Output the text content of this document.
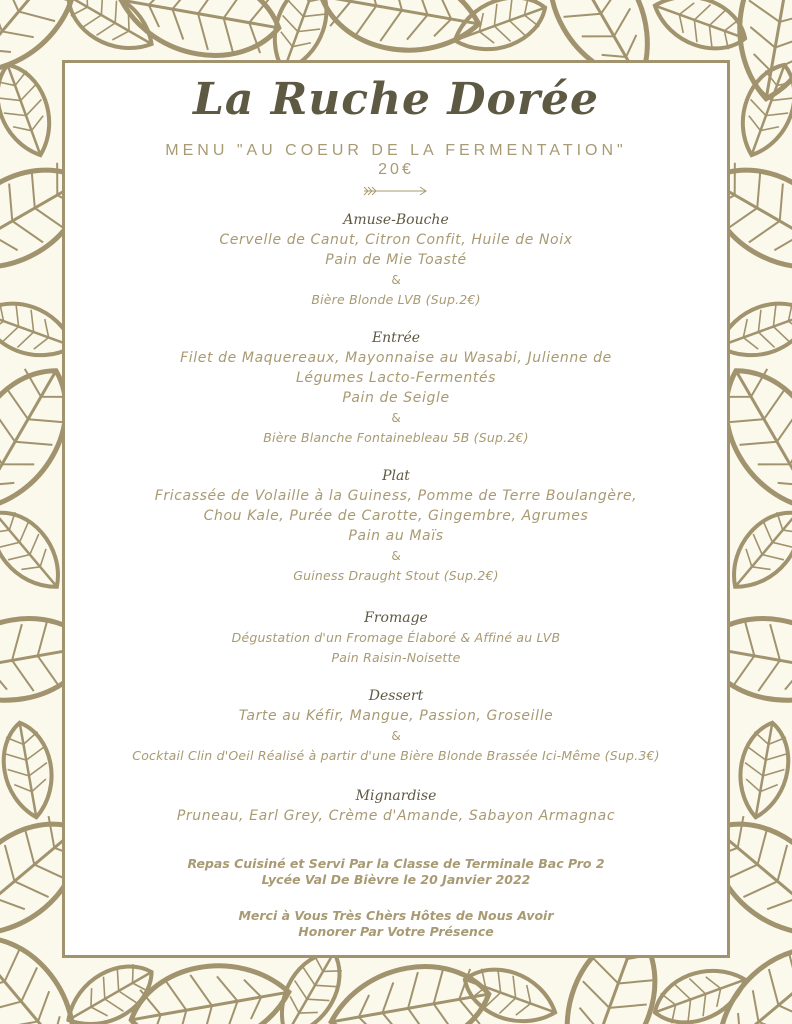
La Ruche Dorée
MENU "AU COEUR DE LA FERMENTATION"
20€
Amuse-Bouche
Cervelle de Canut, Citron Confit, Huile de Noix
Pain de Mie Toasté
&
Bière Blonde LVB (Sup.2€)
Entrée
Filet de Maquereaux, Mayonnaise au Wasabi, Julienne de
Légumes Lacto-Fermentés
Pain de Seigle
&
Bière Blanche Fontainebleau 5B (Sup.2€)
Plat
Fricassée de Volaille à la Guiness, Pomme de Terre Boulangère,
Chou Kale, Purée de Carotte, Gingembre, Agrumes
Pain au Maïs
&
Guiness Draught Stout (Sup.2€)
Fromage
Dégustation d'un Fromage Élaboré & Affiné au LVB
Pain Raisin-Noisette
Dessert
Tarte au Kéfir, Mangue, Passion, Groseille
&
Cocktail Clin d'Oeil Réalisé à partir d'une Bière Blonde Brassée Ici-Même (Sup.3€)
Mignardise
Pruneau, Earl Grey, Crème d'Amande, Sabayon Armagnac
Repas Cuisiné et Servi Par la Classe de Terminale Bac Pro 2
Lycée Val De Bièvre le 20 Janvier 2022
Merci à Vous Très Chèrs Hôtes de Nous Avoir
Honorer Par Votre Présence
